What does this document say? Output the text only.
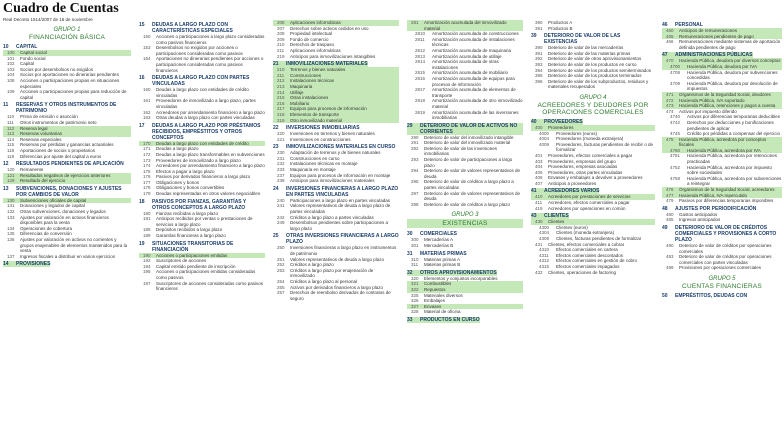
Cuadro de Cuentas
Real Decreto 1514/2007 de 16 de noviembre
GRUPO 1
FINANCIACIÓN BÁSICA
10	CAPITAL
100	Capital social
101	Fondo social
102	Capital
103	Socios por desembolsos no exigidos
104	Socios por aportaciones no dinerarias pendientes
108	Acciones o participaciones propias en situaciones especiales
109	Acciones o participaciones propias para reducción de capital
11	RESERVAS Y OTROS INSTRUMENTOS DE PATRIMONIO
110	Prima de emisión o asunción
111	Otros instrumentos de patrimonio neto
112	Reserva legal
113	Reservas voluntarias
114	Reservas especiales
115	Reservas por pérdidas y ganancias actuariales
118	Aportaciones de socios o propietarios
119	Diferencias por ajuste del capital a euros
12	RESULTADOS PENDIENTES DE APLICACIÓN
120	Remanente
121	Resultados negativos de ejercicios anteriores
129	Resultado del ejercicio
13	SUBVENCIONES, DONACIONES Y AJUSTES POR CAMBIOS DE VALOR
130	Subvenciones oficiales de capital
131	Donaciones y legados de capital
132	Otras subvenciones, donaciones y legados
133	Ajustes por valoración en activos financieros disponibles para la venta
134	Operaciones de cobertura
135	Diferencias de conversión
136	Ajustes por valoración en activos no corrientes y grupos enajenables de elementos mantenidos para la venta
137	Ingresos fiscales a distribuir en varios ejercicios
14	PROVISIONES
15	DEUDAS A LARGO PLAZO CON CARACTERÍSTICAS ESPECIALES
150	Acciones o participaciones a largo plazo consideradas como pasivos financieros
153	Desembolsos no exigidos por acciones o participaciones consideradas como pasivos
154	Aportaciones no dinerarias pendientes por acciones o participaciones consideradas como pasivos financieros
16	DEUDAS A LARGO PLAZO CON PARTES VINCULADAS
160	Deudas a largo plazo con entidades de crédito vinculadas
161	Proveedores de inmovilizado a largo plazo, partes vinculadas
162	Acreedores por arrendamiento financiero a largo plazo
163	Otras deudas a largo plazo con partes vinculadas
17	DEUDAS A LARGO PLAZO POR PRÉSTAMOS RECIBIDOS, EMPRÉSTITOS Y OTROS CONCEPTOS
170	Deudas a largo plazo con entidades de crédito
171	Deudas a largo plazo
172	Deudas a largo plazo transformables en subvenciones
173	Proveedores de inmovilizado a largo plazo
174	Acreedores por arrendamiento financiero a largo plazo
175	Efectos a pagar a largo plazo
176	Pasivos por derivados financieros a largo plazo
177	Obligaciones y bonos
178	Obligaciones y bonos convertibles
179	Deudas representadas en otros valores negociables
18	PASIVOS POR FIANZAS, GARANTÍAS Y OTROS CONCEPTOS A LARGO PLAZO
180	Fianzas recibidas a largo plazo
181	Anticipos recibidos por ventas o prestaciones de servicios a largo plazo
185	Depósitos recibidos a largo plazo
189	Garantías financieras a largo plazo
19	SITUACIONES TRANSITORIAS DE FINANCIACIÓN
190	Acciones o participaciones emitidas
192	Suscriptores de acciones
194	Capital emitido pendiente de inscripción
195	Acciones o participaciones emitidas consideradas como pasivos
197	Suscriptores de acciones consideradas como pasivos financieros
206	Aplicaciones informáticas
207	Derechos sobre activos cedidos en uso
208	Propiedad intelectual
209	Fondo de comercio
210	Derechos de traspaso
211	Aplicaciones informáticas
219	Anticipos para inmovilizaciones intangibles
21	INMOVILIZACIONES MATERIALES
210	Terrenos y bienes naturales
211	Construcciones
212	Instalaciones técnicas
213	Maquinaria
214	Utillaje
215	Otras instalaciones
216	Mobiliario
217	Equipos para procesos de información
218	Elementos de transporte
219	Otro inmovilizado material
22	INVERSIONES INMOBILIARIAS
220	Inversiones en terrenos y bienes naturales
221	Inversiones en construcciones
23	INMOVILIZACIONES MATERIALES EN CURSO
230	Adaptación de terrenos y de bienes naturales
231	Construcciones en curso
232	Instalaciones técnicas en montaje
233	Maquinaria en montaje
237	Equipos para procesos de información en montaje
239	Anticipos para inmovilizaciones materiales
24	INVERSIONES FINANCIERAS A LARGO PLAZO EN PARTES VINCULADAS
240	Participaciones a largo plazo en partes vinculadas
241	Valores representativos de deuda a largo plazo de partes vinculadas
242	Créditos a largo plazo a partes vinculadas
249	Desembolsos pendientes sobre participaciones a largo plazo
25	OTRAS INVERSIONES FINANCIERAS A LARGO PLAZO
250	Inversiones financieras a largo plazo en instrumentos de patrimonio
251	Valores representativos de deuda a largo plazo
252	Créditos a largo plazo
253	Créditos a largo plazo por enajenación de inmovilizado
254	Créditos a largo plazo al personal
255	Activos por derivados financieros a largo plazo
257	Derechos de reembolso derivados de contratos de seguro
281	Amortización acumulada del inmovilizado material
2810	Amortización acumulada de construcciones
2811	Amortización acumulada de instalaciones técnicas
2812	Amortización acumulada de maquinaria
2813	Amortización acumulada de utillaje
2814	Amortización acumulada de otras instalaciones
2815	Amortización acumulada de mobiliario
2816	Amortización acumulada de equipos para procesos de información
2817	Amortización acumulada de elementos de transporte
2818	Amortización acumulada de otro inmovilizado material
2819	Amortización acumulada de las inversiones inmobiliarias
29	DETERIORO DE VALOR DE ACTIVOS NO CORRIENTES
290	Deterioro de valor del inmovilizado intangible
291	Deterioro de valor del inmovilizado material
292	Deterioro de valor de las inversiones inmobiliarias
293	Deterioro de valor de participaciones a largo plazo
294	Deterioro de valor de valores representativos de deuda
295	Deterioro de valor de créditos a largo plazo a partes vinculadas
297	Deterioro de valor de valores representativos de deuda
298	Deterioro de valor de créditos a largo plazo
GRUPO 3
EXISTENCIAS
30	COMERCIALES
300	Mercaderías A
301	Mercaderías B
31	MATERIAS PRIMAS
310	Materias primas A
311	Materias primas B
32	OTROS APROVISIONAMIENTOS
320	Elementos y conjuntos incorporables
321	Combustibles
322	Repuestos
325	Materiales diversos
326	Embalajes
327	Envases
328	Material de oficina
33	PRODUCTOS EN CURSO
390	Productos A
391	Productos B
39	DETERIORO DE VALOR DE LAS EXISTENCIAS
390	Deterioro de valor de las mercaderías
391	Deterioro de valor de las materias primas
392	Deterioro de valor de otros aprovisionamientos
393	Deterioro de valor de los productos en curso
394	Deterioro de valor de los productos semiterminados
395	Deterioro de valor de los productos terminados
396	Deterioro de valor de los subproductos, residuos y materiales recuperados
GRUPO 4
ACREEDORES Y DEUDORES POR OPERACIONES COMERCIALES
40	PROVEEDORES
400	Proveedores
4000	Proveedores (euros)
4004	Proveedores (moneda extranjera)
4009	Proveedores, facturas pendientes de recibir o de formalizar
401	Proveedores, efectos comerciales a pagar
403	Proveedores, empresas del grupo
404	Proveedores, empresas asociadas
405	Proveedores, otras partes vinculadas
406	Envases y embalajes a devolver a proveedores
407	Anticipos a proveedores
41	ACREEDORES VARIOS
410	Acreedores por prestaciones de servicios
411	Acreedores, efectos comerciales a pagar
419	Acreedores por operaciones en común
43	CLIENTES
430	Clientes
4300	Clientes (euros)
4304	Clientes (moneda extranjera)
4309	Clientes, facturas pendientes de formalizar
431	Clientes, efectos comerciales a cobrar
4310	Efectos comerciales en cartera
4311	Efectos comerciales descontados
4312	Efectos comerciales en gestión de cobro
4315	Efectos comerciales impagados
432	Clientes, operaciones de factoring
46	PERSONAL
460	Anticipos de remuneraciones
465	Remuneraciones pendientes de pago
466	Remuneraciones mediante sistemas de aportación definida pendientes de pago
47	ADMINISTRACIONES PÚBLICAS
470	Hacienda Pública, deudora por diversos conceptos
4700	Hacienda Pública, deudora por IVA
4708	Hacienda Pública, deudora por subvenciones concedidas
4709	Hacienda Pública, deudora por devolución de impuestos
471	Organismos de la Seguridad Social, deudores
472	Hacienda Pública, IVA soportado
473	Hacienda Pública, retenciones y pagos a cuenta
474	Activos por impuesto diferido
4740	Activos por diferencias temporarias deducibles
4742	Derechos por deducciones y bonificaciones pendientes de aplicar
4745	Crédito por pérdidas a compensar del ejercicio
475	Hacienda Pública, acreedora por conceptos fiscales
4750	Hacienda Pública, acreedora por IVA
4751	Hacienda Pública, acreedora por retenciones practicadas
4752	Hacienda Pública, acreedora por impuesto sobre sociedades
4758	Hacienda Pública, acreedora por subvenciones a reintegrar
476	Organismos de la Seguridad Social, acreedores
477	Hacienda Pública, IVA repercutido
479	Pasivos por diferencias temporarias imponibles
48	AJUSTES POR PERIODIFICACIÓN
480	Gastos anticipados
485	Ingresos anticipados
49	DETERIORO DE VALOR DE CRÉDITOS COMERCIALES Y PROVISIONES A CORTO PLAZO
490	Deterioro de valor de créditos por operaciones comerciales
493	Deterioro de valor de créditos por operaciones comerciales con partes vinculadas
499	Provisiones por operaciones comerciales
GRUPO 5
CUENTAS FINANCIERAS
50	EMPRÉSTITOS, DEUDAS CON
